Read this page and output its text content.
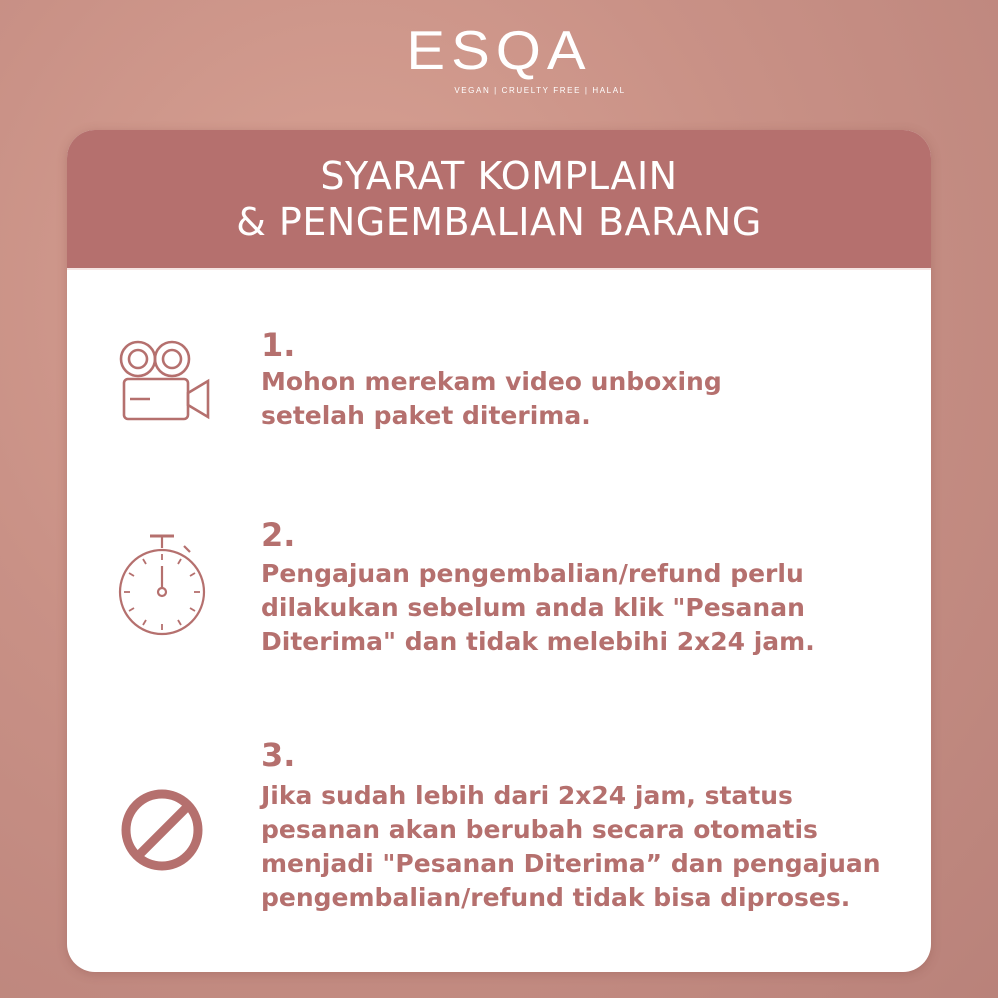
ESQA
VEGAN | CRUELTY FREE | HALAL
SYARAT KOMPLAIN
& PENGEMBALIAN BARANG
1.
Mohon merekam video unboxing
setelah paket diterima.
2.
Pengajuan pengembalian/refund perlu
dilakukan sebelum anda klik "Pesanan
Diterima" dan tidak melebihi 2x24 jam.
3.
Jika sudah lebih dari 2x24 jam, status
pesanan akan berubah secara otomatis
menjadi "Pesanan Diterima” dan pengajuan
pengembalian/refund tidak bisa diproses.
